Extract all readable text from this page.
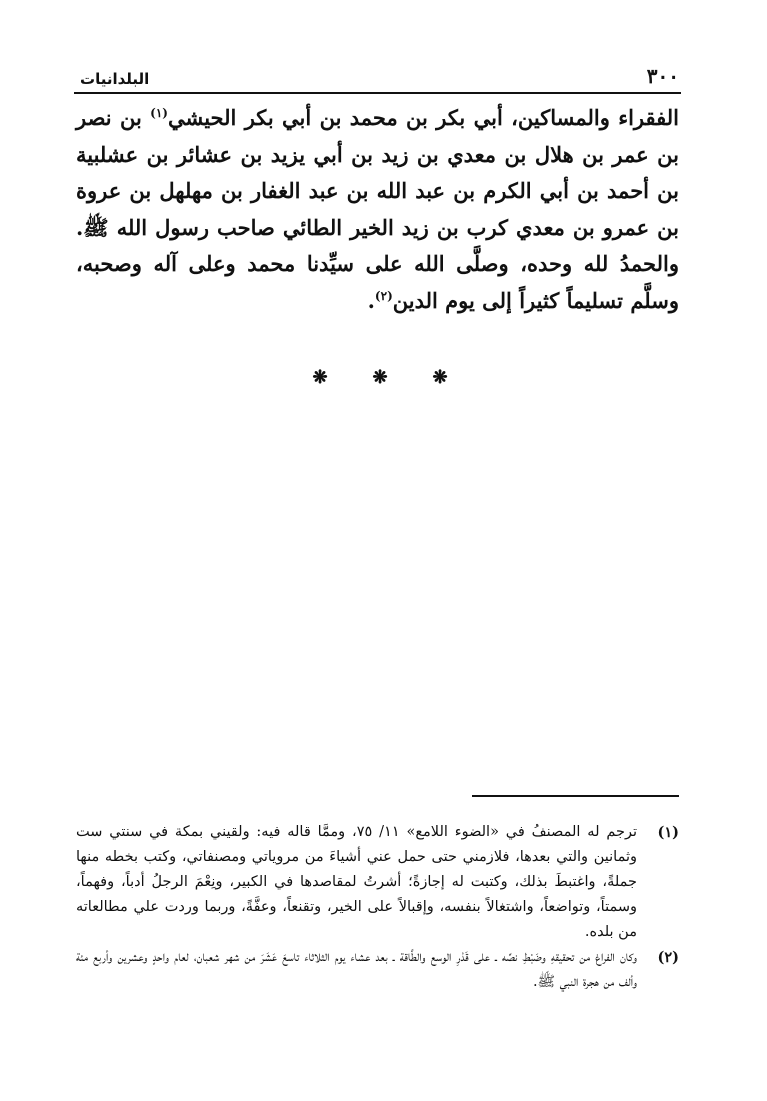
٣٠٠
البلدانيات

الفقراء والمساكين، أبي بكر بن محمد بن أبي بكر الحيشي$^{(١)}$ بن نصر بن عمر بن هلال بن معدي بن زيد بن أبي يزيد بن عشائر بن عشلبية بن أحمد بن أبي الكرم بن عبد الله بن عبد الغفار بن مهلهل بن عروة بن عمرو بن معدي كرب بن زيد الخير الطائي صاحب رسول الله ﷺ. والحمدُ لله وحده، وصلَّى الله على سيِّدنا محمد وعلى آله وصحبه، وسلَّم تسليماً كثيراً إلى يوم الدين$^{(٢)}$.

❋	❋	❋
(١)
ترجم له المصنفُ في «الضوء اللامع» ١١/ ٧٥، وممَّا قاله فيه: ولقيني بمكة في سنتي ست وثمانين والتي بعدها، فلازمني حتى حمل عني أشياءَ من مروياتي ومصنفاتي، وكتب بخطه منها جملةً، واغتبطَ بذلك، وكتبت له إجازةً؛ أشرتُ لمقاصدها في الكبير، ونِعْمَ الرجلُ أدباً، وفهماً، وسمتاً، وتواضعاً، واشتغالاً بنفسه، وإقبالاً على الخير، وتقنعاً، وعفَّةً، وربما وردت علي مطالعاته من بلده.
(٢)
وكان الفراغ من تحقيقهِ وضَبْطِ نصِّه ـ على قَدْرِ الوسع والطَّاقة ـ بعد عشاء يوم الثلاثاء تاسعَ عَشَرَ من شهر شعبان، لعام واحدٍ وعشرين وأربع مئة وألف من هجرة النبي ﷺ.
